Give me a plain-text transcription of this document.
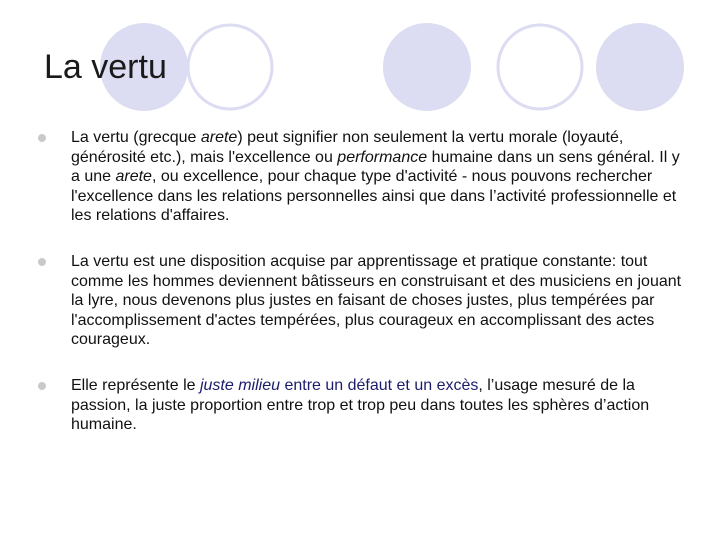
La vertu
La vertu (grecque arete) peut signifier non seulement la vertu morale (loyauté, générosité etc.), mais l'excellence ou performance humaine dans un sens général. Il y a une arete, ou excellence, pour chaque type d'activité - nous pouvons rechercher l'excellence dans les relations personnelles ainsi que dans l’activité professionnelle et les relations d'affaires.
La vertu est une disposition acquise par apprentissage et pratique constante: tout comme les hommes deviennent bâtisseurs en construisant et des musiciens en jouant la lyre, nous devenons plus justes en faisant de choses justes, plus tempérées par l'accomplissement d'actes tempérées, plus courageux en accomplissant des actes courageux.
Elle représente le juste milieu entre un défaut et un excès, l’usage mesuré de la passion, la juste proportion entre trop et trop peu dans toutes les sphères d’action humaine.
